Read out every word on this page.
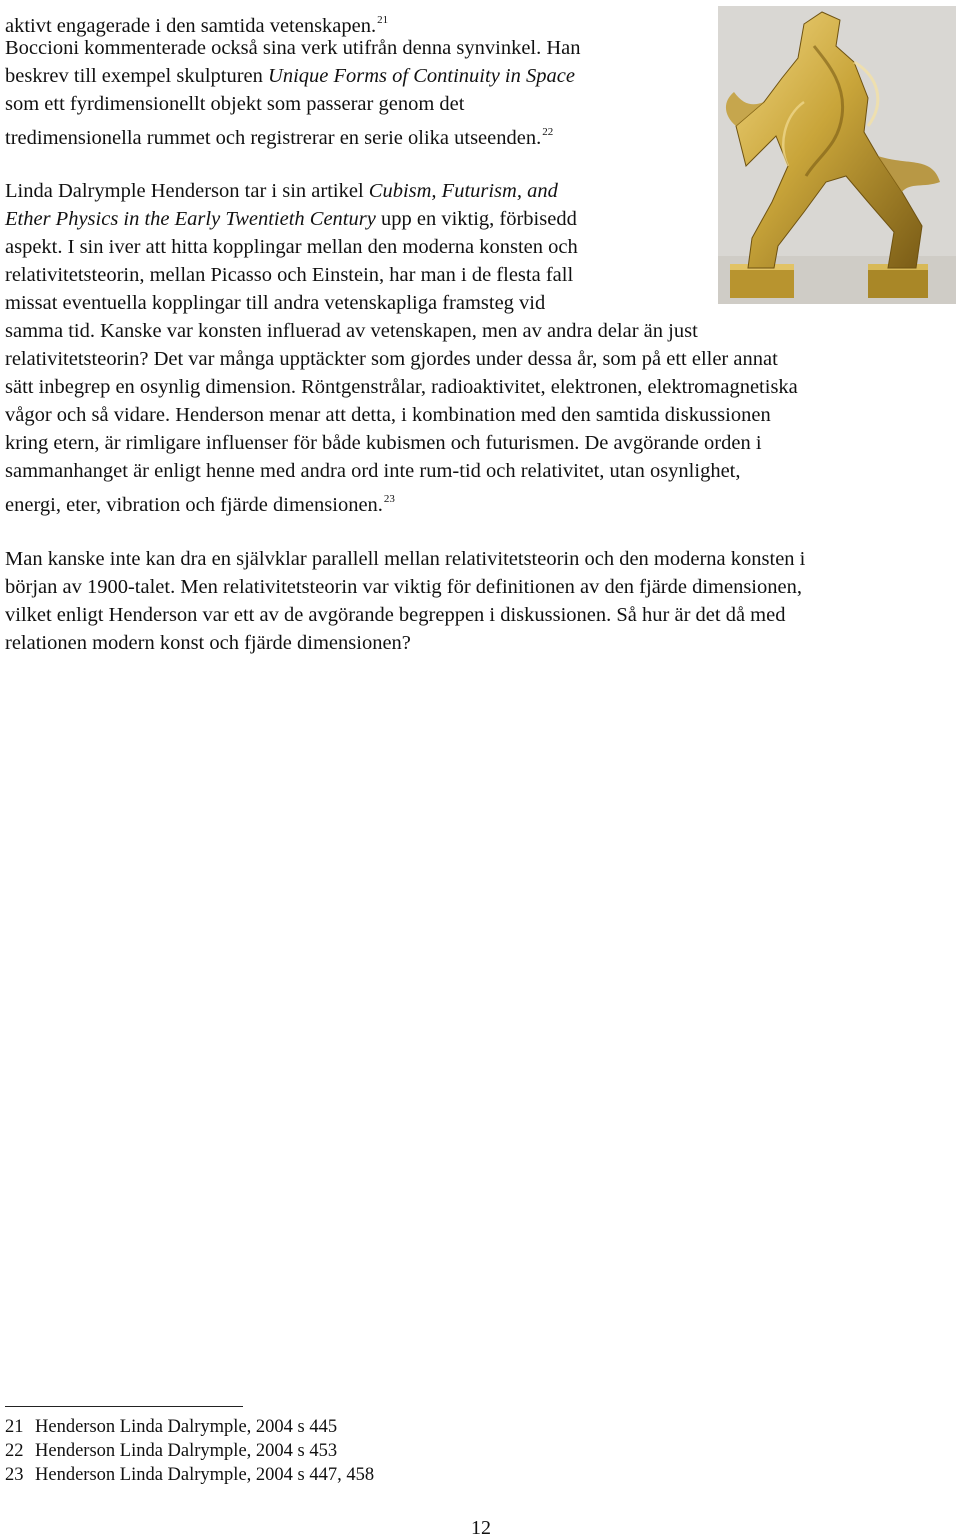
aktivt engagerade i den samtida vetenskapen.$^{21}$
Boccioni kommenterade också sina verk utifrån denna synvinkel. Han
beskrev till exempel skulpturen Unique Forms of Continuity in Space
som ett fyrdimensionellt objekt som passerar genom det
tredimensionella rummet och registrerar en serie olika utseenden.$^{22}$
Linda Dalrymple Henderson tar i sin artikel Cubism, Futurism, and
Ether Physics in the Early Twentieth Century upp en viktig, förbisedd
aspekt. I sin iver att hitta kopplingar mellan den moderna konsten och
relativitetsteorin, mellan Picasso och Einstein, har man i de flesta fall
missat eventuella kopplingar till andra vetenskapliga framsteg vid
samma tid. Kanske var konsten influerad av vetenskapen, men av andra delar än just
relativitetsteorin? Det var många upptäckter som gjordes under dessa år, som på ett eller annat
sätt inbegrep en osynlig dimension. Röntgenstrålar, radioaktivitet, elektronen, elektromagnetiska
vågor och så vidare. Henderson menar att detta, i kombination med den samtida diskussionen
kring etern, är rimligare influenser för både kubismen och futurismen. De avgörande orden i
sammanhanget är enligt henne med andra ord inte rum-tid och relativitet, utan osynlighet,
energi, eter, vibration och fjärde dimensionen.$^{23}$
Man kanske inte kan dra en självklar parallell mellan relativitetsteorin och den moderna konsten i
början av 1900-talet. Men relativitetsteorin var viktig för definitionen av den fjärde dimensionen,
vilket enligt Henderson var ett av de avgörande begreppen i diskussionen. Så hur är det då med
relationen modern konst och fjärde dimensionen?
21 Henderson Linda Dalrymple, 2004 s 445
22 Henderson Linda Dalrymple, 2004 s 453
23 Henderson Linda Dalrymple, 2004 s 447, 458
12
